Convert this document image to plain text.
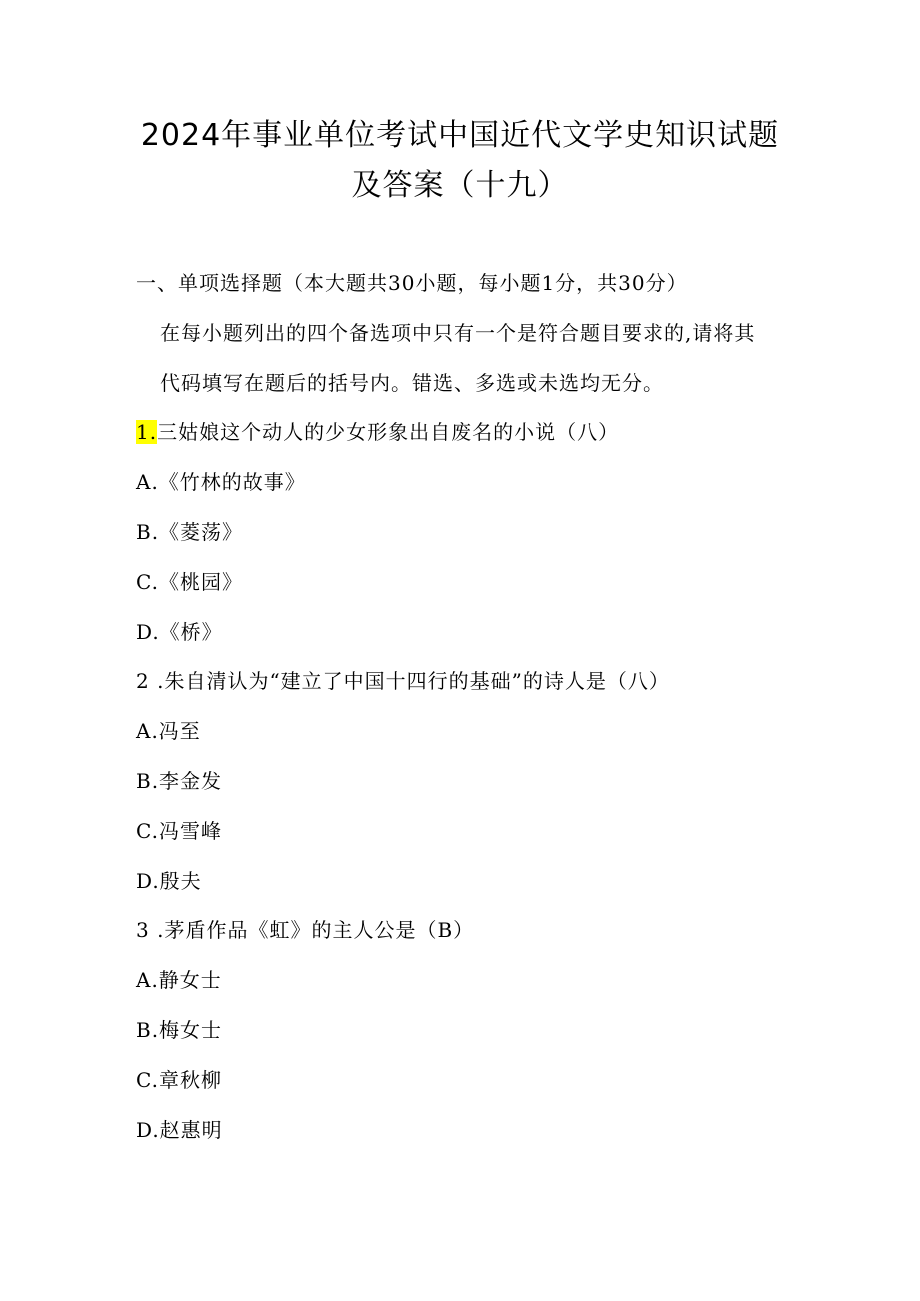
2024年事业单位考试中国近代文学史知识试题
及答案（十九）
一、单项选择题（本大题共30小题，每小题1分，共30分）
在每小题列出的四个备选项中只有一个是符合题目要求的,请将其
代码填写在题后的括号内。错选、多选或未选均无分。
1.三姑娘这个动人的少女形象出自废名的小说（八）
A.《竹林的故事》
B.《菱荡》
C.《桃园》
D.《桥》
2 .朱自清认为“建立了中国十四行的基础”的诗人是（八）
A.冯至
B.李金发
C.冯雪峰
D.殷夫
3 .茅盾作品《虹》的主人公是（B）
A.静女士
B.梅女士
C.章秋柳
D.赵惠明
